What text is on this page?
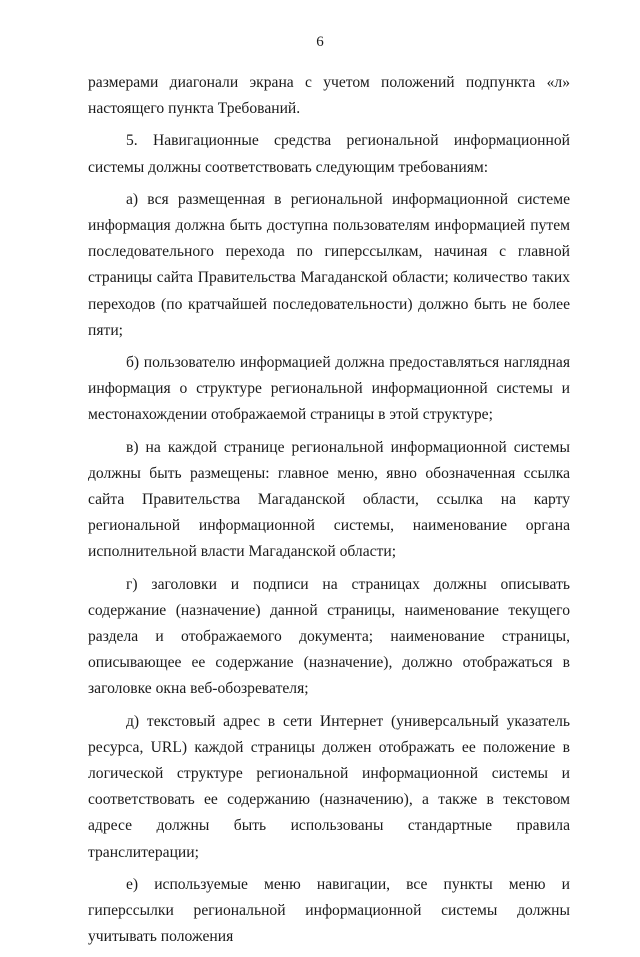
6

размерами диагонали экрана с учетом положений подпункта «л» настоящего пункта Требований.

5. Навигационные средства региональной информационной системы должны соответствовать следующим требованиям:

а) вся размещенная в региональной информационной системе информация должна быть доступна пользователям информацией путем последовательного перехода по гиперссылкам, начиная с главной страницы сайта Правительства Магаданской области; количество таких переходов (по кратчайшей последовательности) должно быть не более пяти;

б) пользователю информацией должна предоставляться наглядная информация о структуре региональной информационной системы и местонахождении отображаемой страницы в этой структуре;

в) на каждой странице региональной информационной системы должны быть размещены: главное меню, явно обозначенная ссылка сайта Правительства Магаданской области, ссылка на карту региональной информационной системы, наименование органа исполнительной власти Магаданской области;

г) заголовки и подписи на страницах должны описывать содержание (назначение) данной страницы, наименование текущего раздела и отображаемого документа; наименование страницы, описывающее ее содержание (назначение), должно отображаться в заголовке окна веб-обозревателя;

д) текстовый адрес в сети Интернет (универсальный указатель ресурса, URL) каждой страницы должен отображать ее положение в логической структуре региональной информационной системы и соответствовать ее содержанию (назначению), а также в текстовом адресе должны быть использованы стандартные правила транслитерации;

е) используемые меню навигации, все пункты меню и гиперссылки региональной информационной системы должны учитывать положения
